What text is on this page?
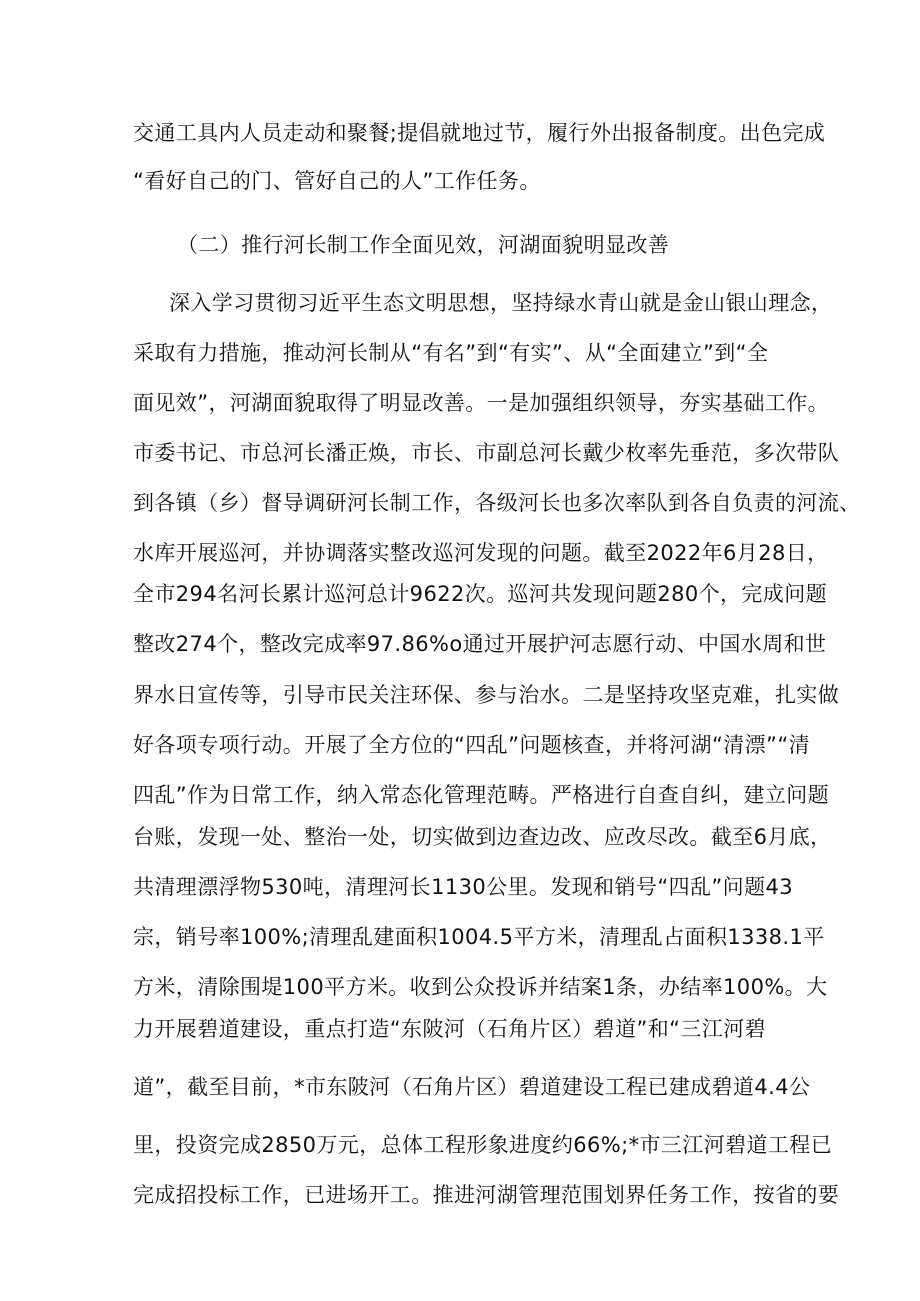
交通工具内人员走动和聚餐;提倡就地过节，履行外出报备制度。出色完成
“看好自己的门、管好自己的人”工作任务。
（二）推行河长制工作全面见效，河湖面貌明显改善
深入学习贯彻习近平生态文明思想，坚持绿水青山就是金山银山理念，
采取有力措施，推动河长制从“有名”到“有实”、从“全面建立”到“全
面见效”，河湖面貌取得了明显改善。一是加强组织领导，夯实基础工作。
市委书记、市总河长潘正焕，市长、市副总河长戴少枚率先垂范，多次带队
到各镇（乡）督导调研河长制工作，各级河长也多次率队到各自负责的河流、
水库开展巡河，并协调落实整改巡河发现的问题。截至2022年6月28日，
全市294名河长累计巡河总计9622次。巡河共发现问题280个，完成问题
整改274个，整改完成率97.86%o通过开展护河志愿行动、中国水周和世
界水日宣传等，引导市民关注环保、参与治水。二是坚持攻坚克难，扎实做
好各项专项行动。开展了全方位的“四乱”问题核查，并将河湖“清漂”“清
四乱”作为日常工作，纳入常态化管理范畴。严格进行自查自纠，建立问题
台账，发现一处、整治一处，切实做到边查边改、应改尽改。截至6月底，
共清理漂浮物530吨，清理河长1130公里。发现和销号“四乱”问题43
宗，销号率100%;清理乱建面积1004.5平方米，清理乱占面积1338.1平
方米，清除围堤100平方米。收到公众投诉并结案1条，办结率100%。大
力开展碧道建设，重点打造“东陂河（石角片区）碧道”和“三江河碧
道”，截至目前，*市东陂河（石角片区）碧道建设工程已建成碧道4.4公
里，投资完成2850万元，总体工程形象进度约66%;*市三江河碧道工程已
完成招投标工作，已进场开工。推进河湖管理范围划界任务工作，按省的要
